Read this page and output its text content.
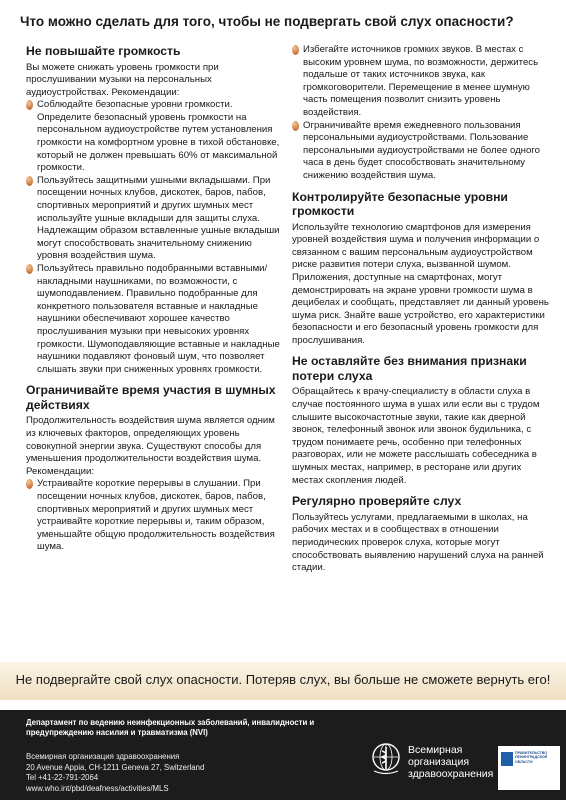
Что можно сделать для того, чтобы не подвергать свой слух опасности?
Не повышайте громкость

Вы можете снижать уровень громкости при прослушивании музыки на персональных аудиоустройствах. Рекомендации:

Соблюдайте безопасные уровни громкости. Определите безопасный уровень громкости на персональном аудиоустройстве путем установления громкости на комфортном уровне в тихой обстановке, который не должен превышать 60% от максимальной громкости.

Пользуйтесь защитными ушными вкладышами. При посещении ночных клубов, дискотек, баров, пабов, спортивных мероприятий и других шумных мест используйте ушные вкладыши для защиты слуха. Надлежащим образом вставленные ушные вкладыши могут способствовать значительному снижению уровня воздействия шума.

Пользуйтесь правильно подобранными вставными/накладными наушниками, по возможности, с шумоподавлением. Правильно подобранные для конкретного пользователя вставные и накладные наушники обеспечивают хорошее качество прослушивания музыки при невысоких уровнях громкости. Шумоподавляющие вставные и накладные наушники подавляют фоновый шум, что позволяет слышать звуки при сниженных уровнях громкости.

Ограничивайте время участия в шумных действиях

Продолжительность воздействия шума является одним из ключевых факторов, определяющих уровень совокупной энергии звука. Существуют способы для уменьшения продолжительности воздействия шума.

Рекомендации:

Устраивайте короткие перерывы в слушании. При посещении ночных клубов, дискотек, баров, пабов, спортивных мероприятий и других шумных мест устраивайте короткие перерывы и, таким образом, уменьшайте общую продолжительность воздействия шума.

Избегайте источников громких звуков. В местах с высоким уровнем шума, по возможности, держитесь подальше от таких источников звука, как громкоговорители. Перемещение в менее шумную часть помещения позволит снизить уровень воздействия.

Ограничивайте время ежедневного пользования персональными аудиоустройствами. Пользование персональными аудиоустройствами не более одного часа в день будет способствовать значительному снижению воздействия шума.

Контролируйте безопасные уровни громкости

Используйте технологию смартфонов для измерения уровней воздействия шума и получения информации о связанном с вашим персональным аудиоустройством риске развития потери слуха, вызванной шумом. Приложения, доступные на смартфонах, могут демонстрировать на экране уровни громкости шума в децибелах и сообщать, представляет ли данный уровень шума риск. Знайте ваше устройство, его характеристики безопасности и его безопасный уровень громкости для прослушивания.

Не оставляйте без внимания признаки потери слуха

Обращайтесь к врачу-специалисту в области слуха в случае постоянного шума в ушах или если вы с трудом слышите высокочастотные звуки, такие как дверной звонок, телефонный звонок или звонок будильника, с трудом понимаете речь, особенно при телефонных разговорах, или не можете расслышать собеседника в шумных местах, например, в ресторане или других местах скопления людей.

Регулярно проверяйте слух

Пользуйтесь услугами, предлагаемыми в школах, на рабочих местах и в сообществах в отношении периодических проверок слуха, которые могут способствовать выявлению нарушений слуха на ранней стадии.

Не подвергайте свой слух опасности. Потеряв слух, вы больше не сможете вернуть его!
Департамент по ведению неинфекционных заболеваний, инвалидности и предупреждению насилия и травматизма (NVI)
Всемирная организация здравоохранения
20 Avenue Appia, CH-1211 Geneva 27, Switzerland
Tel +41-22-791-2064
www.who.int/pbd/deafness/activities/MLS
Всемирная организация здравоохранения
ПРАВИТЕЛЬСТВО ЛЕНИНГРАДСКОЙ ОБЛАСТИ
